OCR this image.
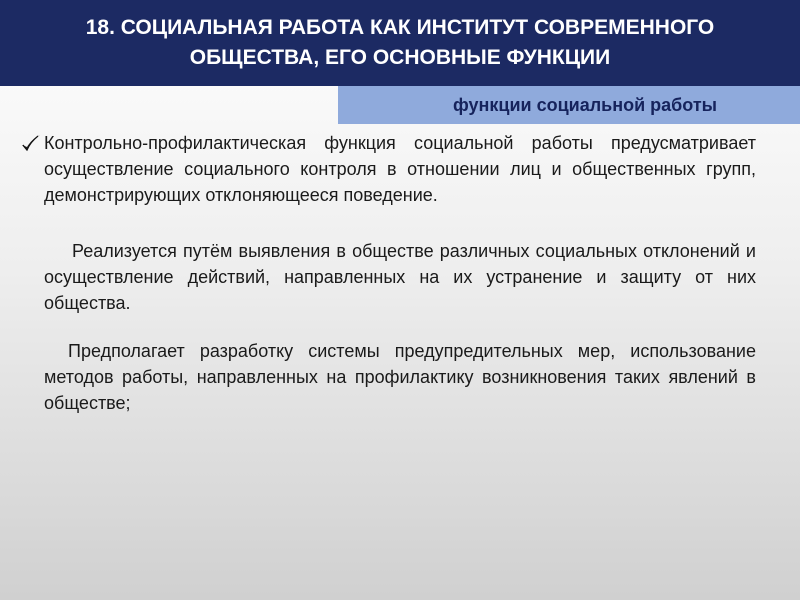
18. СОЦИАЛЬНАЯ РАБОТА КАК ИНСТИТУТ СОВРЕМЕННОГО ОБЩЕСТВА, ЕГО ОСНОВНЫЕ ФУНКЦИИ
функции социальной работы

Контрольно-профилактическая функция социальной работы предусматривает осуществление социального контроля в отношении лиц и общественных групп, демонстрирующих отклоняющееся поведение.

Реализуется путём выявления в обществе различных социальных отклонений и осуществление действий, направленных на их устранение и защиту от них общества.

Предполагает разработку системы предупредительных мер, использование методов работы, направленных на профилактику возникновения таких явлений в обществе;
